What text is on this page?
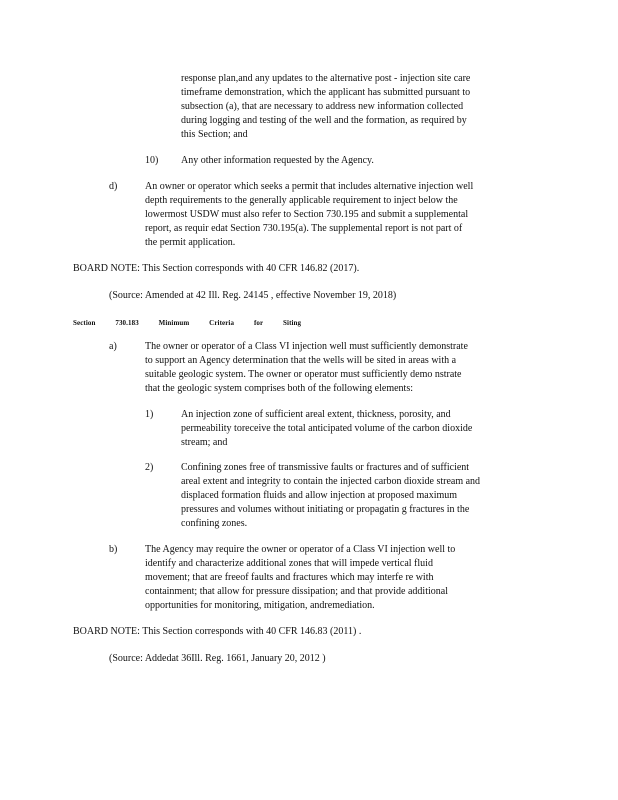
response plan,and any updates to the alternative post - injection site care
timeframe demonstration, which the applicant has submitted pursuant to
subsection (a), that are necessary to address new information collected
during logging and testing of the well and the formation, as required by
this Section; and
10) Any other information requested by the Agency.
d)	An owner or operator which seeks a permit that includes alternative injection well
depth requirements to the generally applicable requirement to inject below the
lowermost USDW must also refer to Section 730.195 and submit a supplemental
report, as requir edat Section 730.195(a). The supplemental report is not part of
the permit application.
BOARD NOTE: This Section corresponds with 40 CFR 146.82 (2017).
(Source: Amended at 42 Ill. Reg. 24145 , effective November 19, 2018)
Section	730.183	Minimum	Criteria	for	Siting
a)	The owner or operator of a Class VI injection well must sufficiently demonstrate
to support an Agency determination that the wells will be sited in areas with a
suitable geologic system. The owner or operator must sufficiently demo nstrate
that the geologic system comprises both of the following elements:
1)	An injection zone of sufficient areal extent, thickness, porosity, and
permeability toreceive the total anticipated volume of the carbon dioxide
stream; and
2)	Confining zones free of transmissive faults or fractures and of sufficient
areal extent and integrity to contain the injected carbon dioxide stream and
displaced formation fluids and allow injection at proposed maximum
pressures and volumes without initiating or propagatin g fractures in the
confining zones.
b)	The Agency may require the owner or operator of a Class VI injection well to
identify and characterize additional zones that will impede vertical fluid
movement; that are freeof faults and fractures which may interfe re with
containment; that allow for pressure dissipation; and that provide additional
opportunities for monitoring, mitigation, andremediation.
BOARD NOTE: This Section corresponds with 40 CFR 146.83 (2011) .
(Source: Addedat 36Ill. Reg. 1661, January 20, 2012 )
